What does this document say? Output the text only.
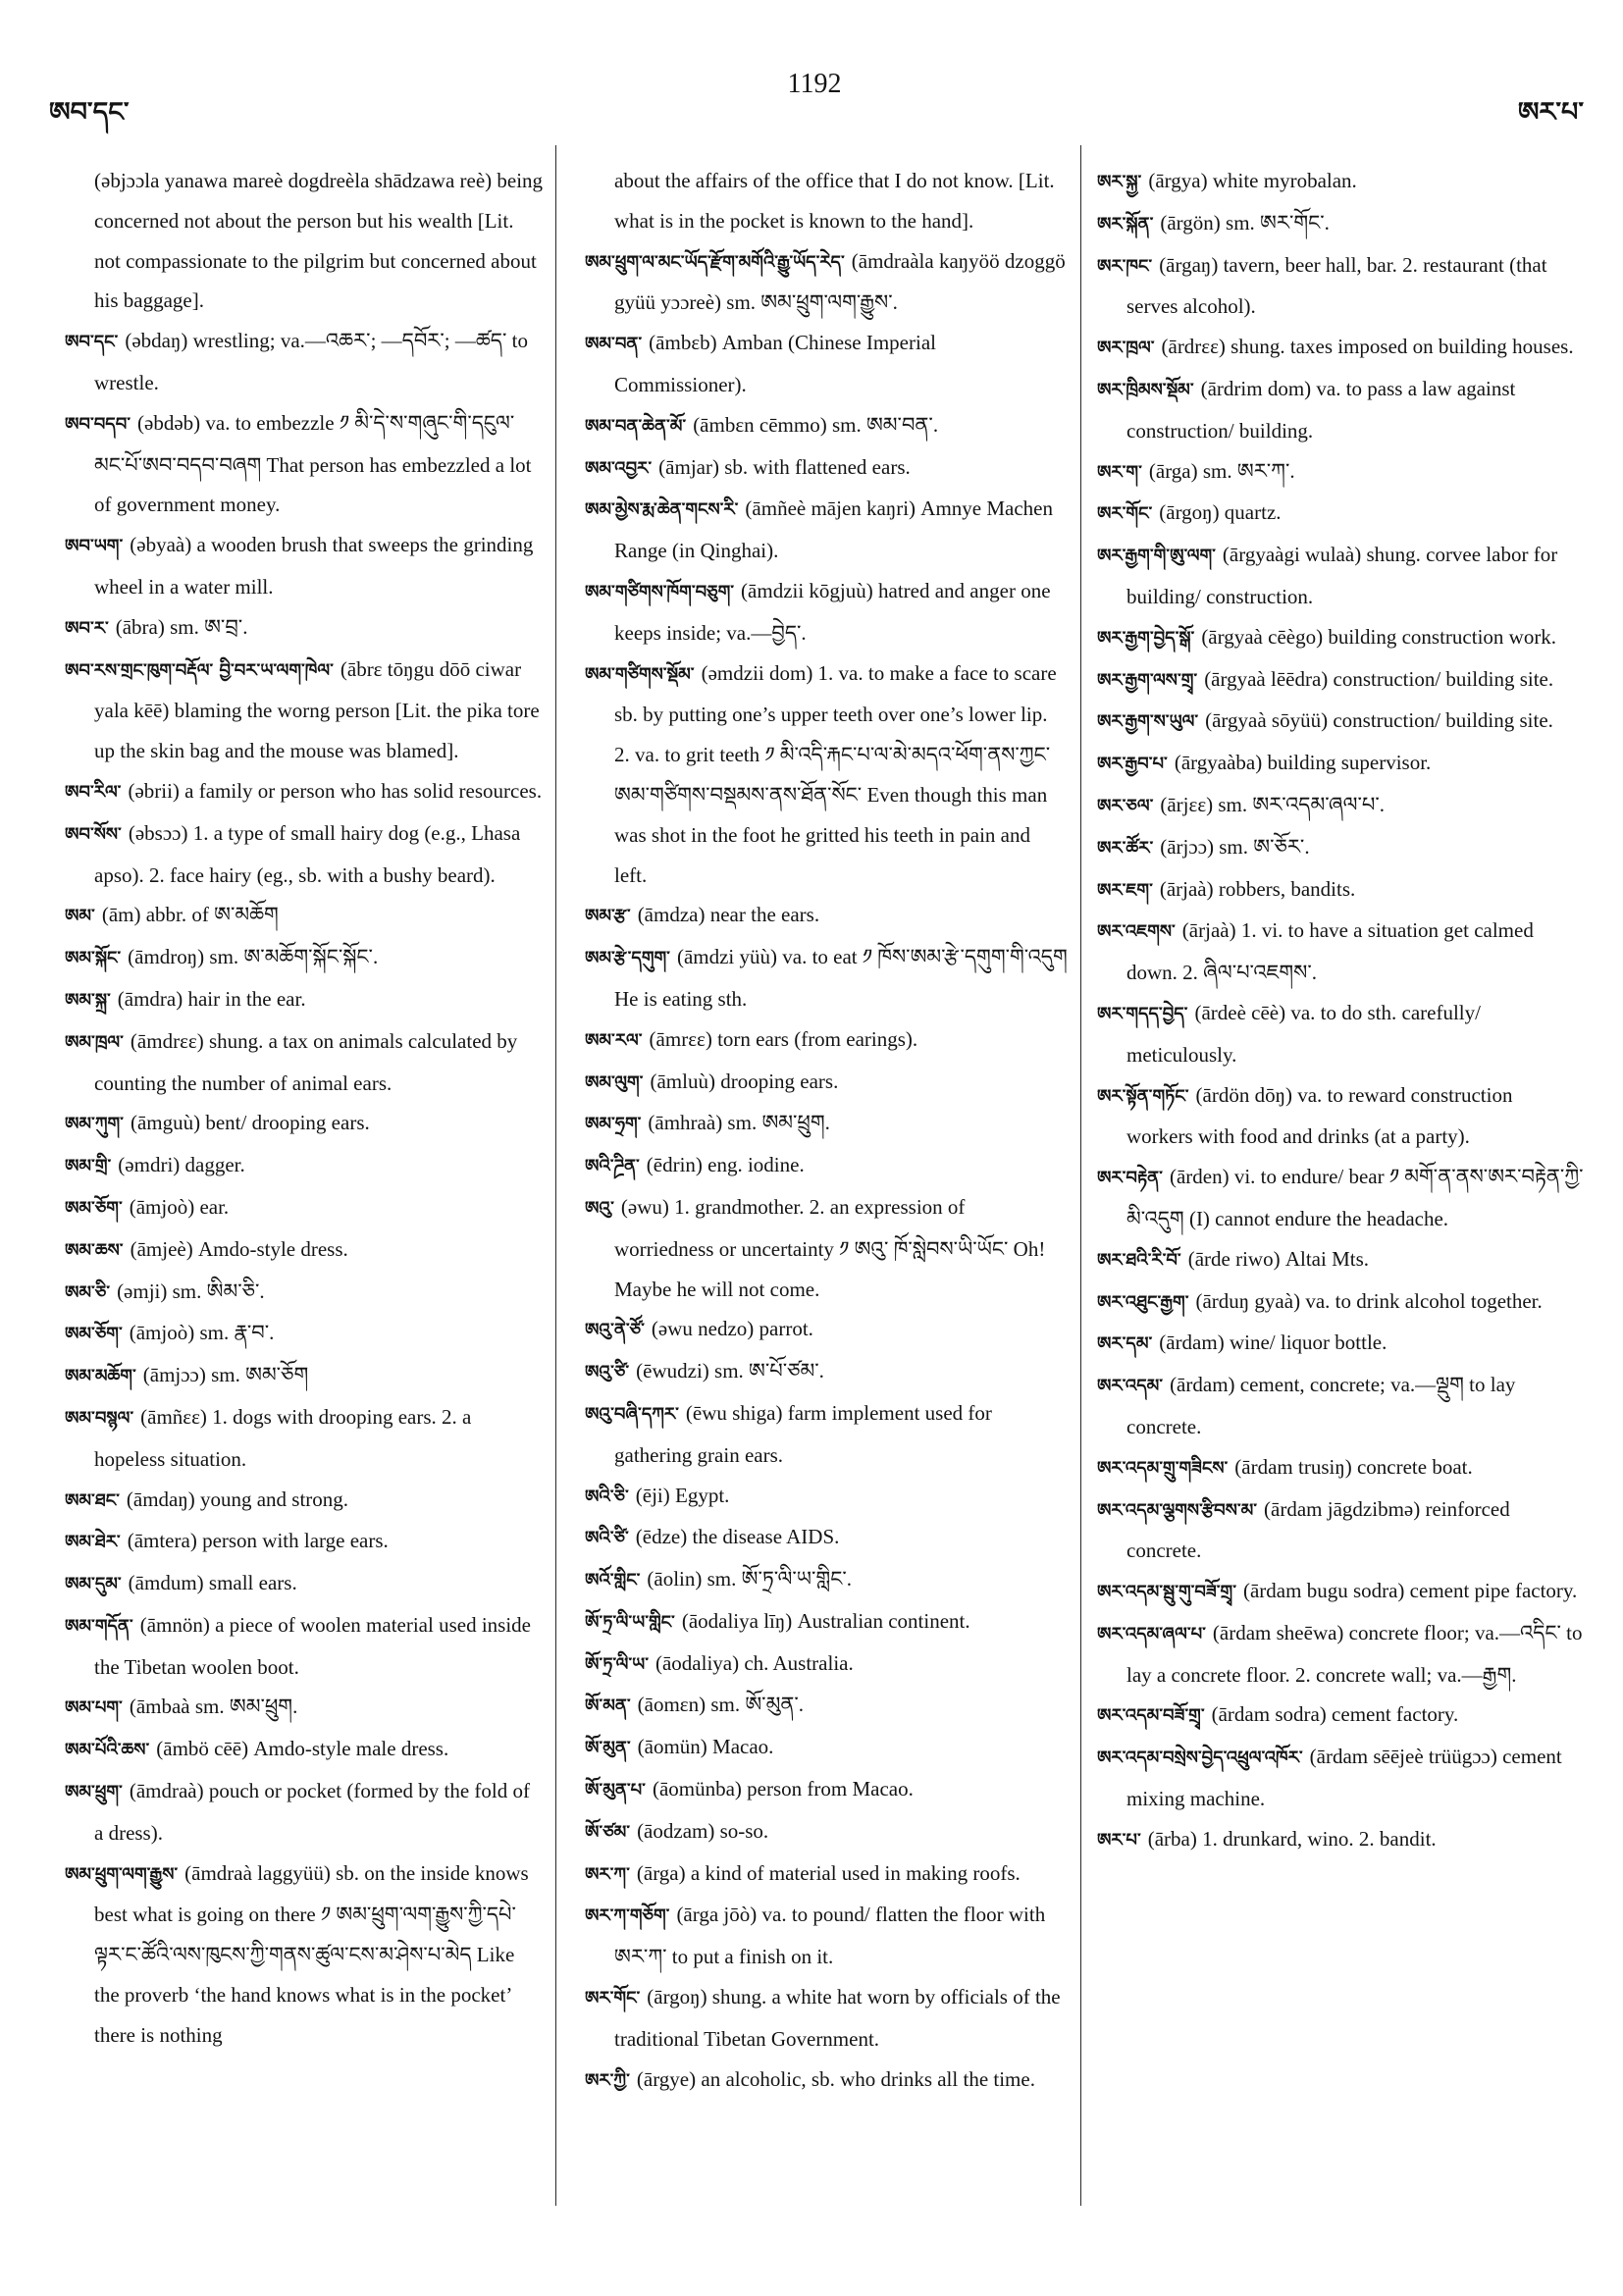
ཨབ་དང་
1192
ཨར་པ་

(əbjɔɔla yanawa mareè dogdreèla shādzawa reè) being concerned not about the person but his wealth [Lit. not compassionate to the pilgrim but concerned about his baggage].

ཨབ་དང་ (əbdaŋ) wrestling; va.—འཆར་; —དབོར་; —ཚད་ to wrestle.

ཨབ་བདབ་ (əbdəb) va. to embezzle ༡ མི་དེ་ས་གཞུང་གི་དངུལ་མང་པོ་ཨབ་བདབ་བཞག That person has embezzled a lot of government money.

ཨབ་ཡག་ (əbyaà) a wooden brush that sweeps the grinding wheel in a water mill.

ཨབ་ར་ (ābra) sm. ཨ་བྲ་.

ཨབ་རས་གྲང་ཁུག་བརྡོལ་ བྱི་བར་ཡ་ལག་ཁེལ་ (ābrɛ tōŋgu dōō ciwar yala kēē) blaming the worng person [Lit. the pika tore up the skin bag and the mouse was blamed].

ཨབ་རིལ་ (əbrii) a family or person who has solid resources.

ཨབ་སོས་ (əbsɔɔ) 1. a type of small hairy dog (e.g., Lhasa apso). 2. face hairy (eg., sb. with a bushy beard).

ཨམ་ (ām) abbr. of ཨ་མཆོག

ཨམ་སྐོང་ (āmdroŋ) sm. ཨ་མཆོག་སྐོང་སྐོང་.

ཨམ་སྐྲ་ (āmdra) hair in the ear.

ཨམ་ཁྲལ་ (āmdrɛɛ) shung. a tax on animals calculated by counting the number of animal ears.

ཨམ་ཀུག་ (āmguù) bent/ drooping ears.

ཨམ་གྲི་ (əmdri) dagger.

ཨམ་ཅོག་ (āmjoò) ear.

ཨམ་ཆས་ (āmjeè) Amdo-style dress.

ཨམ་ཅི་ (əmji) sm. ཨིམ་ཅི་.

ཨམ་ཅོག་ (āmjoò) sm. རྣ་བ་.

ཨམ་མཆོག་ (āmjɔɔ) sm. ཨམ་ཅོག

ཨམ་བསྙལ་ (āmñɛɛ) 1. dogs with drooping ears. 2. a hopeless situation.

ཨམ་ཐང་ (āmdaŋ) young and strong.

ཨམ་ཐེར་ (āmtera) person with large ears.

ཨམ་དུམ་ (āmdum) small ears.

ཨམ་གདོན་ (āmnön) a piece of woolen material used inside the Tibetan woolen boot.

ཨམ་པག་ (āmbaà sm. ཨམ་ཕྲུག.

ཨམ་པོའི་ཆས་ (āmbö cēē) Amdo-style male dress.

ཨམ་ཕྲུག་ (āmdraà) pouch or pocket (formed by the fold of a dress).

ཨམ་ཕྲུག་ལག་རྒྱུས་ (āmdraà laggyüü) sb. on the inside knows best what is going on there ༡ ཨམ་ཕྲུག་ལག་རྒྱུས་ཀྱི་དཔེ་ལྟར་ང་ཚོའི་ལས་ཁུངས་ཀྱི་གནས་ཚུལ་ངས་མ་ཤེས་པ་མེད Like the proverb ‘the hand knows what is in the pocket’ there is nothing

about the affairs of the office that I do not know. [Lit. what is in the pocket is known to the hand].

ཨམ་ཕྲུག་ལ་མང་ཡོད་རྫོག་མགོའི་རྒྱུ་ཡོད་རེད་ (āmdraàla kaŋyöö dzoggö gyüü yɔɔreè) sm. ཨམ་ཕྲུག་ལག་རྒྱུས་.

ཨམ་བན་ (āmbɛb) Amban (Chinese Imperial Commissioner).

ཨམ་བན་ཆེན་མོ་ (āmbɛn cēmmo) sm. ཨམ་བན་.

ཨམ་འབྱར་ (āmjar) sb. with flattened ears.

ཨམ་མྱེས་རྨ་ཆེན་གངས་རི་ (āmñeè mājen kaŋri) Amnye Machen Range (in Qinghai).

ཨམ་གཙིགས་ཁོག་བཅུག་ (āmdzii kōgjuù) hatred and anger one keeps inside; va.—བྱེད་.

ཨམ་གཙིགས་སྡོམ་ (əmdzii dom) 1. va. to make a face to scare sb. by putting one’s upper teeth over one’s lower lip. 2. va. to grit teeth ༡ མི་འདི་རྐང་པ་ལ་མེ་མདའ་ཕོག་ནས་ཀྱང་ཨམ་གཙིགས་བསྡམས་ནས་ཐོན་སོང་ Even though this man was shot in the foot he gritted his teeth in pain and left.

ཨམ་རྩ་ (āmdza) near the ears.

ཨམ་རྩེ་དགུག་ (āmdzi yüù) va. to eat ༡ ཁོས་ཨམ་རྩེ་དགུག་གི་འདུག He is eating sth.

ཨམ་རལ་ (āmrɛɛ) torn ears (from earings).

ཨམ་ལུག་ (āmluù) drooping ears.

ཨམ་ཧྲག་ (āmhraà) sm. ཨམ་ཕྲུག.

ཨའི་ཌྲིན་ (ēdrin) eng. iodine.

ཨའུ་ (əwu) 1. grandmother. 2. an expression of worriedness or uncertainty ༡ ཨའུ་ ཁོ་སླེབས་ཡི་ཡོང་ Oh! Maybe he will not come.

ཨའུ་ནེ་ཙོ་ (əwu nedzo) parrot.

ཨའུ་ཙི་ (ēwudzi) sm. ཨ་པོ་ཙམ་.

ཨའུ་བཞི་དཀར་ (ēwu shiga) farm implement used for gathering grain ears.

ཨའི་ཅི་ (ēji) Egypt.

ཨའི་ཙི་ (ēdze) the disease AIDS.

ཨའོ་གླིང་ (āolin) sm. ཨོ་ཏྲ་ལི་ཡ་གླིང་.

ཨོ་ཏྲ་ལི་ཡ་གླིང་ (āodaliya līŋ) Australian continent.

ཨོ་ཏྲ་ལི་ཡ་ (āodaliya) ch. Australia.

ཨོ་མན་ (āomɛn) sm. ཨོ་མུན་.

ཨོ་མུན་ (āomün) Macao.

ཨོ་མུན་པ་ (āomünba) person from Macao.

ཨོ་ཙམ་ (āodzam) so-so.

ཨར་ཀ་ (ārga) a kind of material used in making roofs.

ཨར་ཀ་གཅོག་ (ārga jōò) va. to pound/ flatten the floor with ཨར་ཀ་ to put a finish on it.

ཨར་གོང་ (ārgoŋ) shung. a white hat worn by officials of the traditional Tibetan Government.

ཨར་ཀྱི་ (ārgye) an alcoholic, sb. who drinks all the time.

ཨར་སྐྱ་ (ārgya) white myrobalan.

ཨར་སྐོན་ (ārgön) sm. ཨར་གོང་.

ཨར་ཁང་ (ārgaŋ) tavern, beer hall, bar. 2. restaurant (that serves alcohol).

ཨར་ཁྲལ་ (ārdrɛɛ) shung. taxes imposed on building houses.

ཨར་ཁྲིམས་སྡོམ་ (ārdrim dom) va. to pass a law against construction/ building.

ཨར་ག་ (ārga) sm. ཨར་ཀ་.

ཨར་གོང་ (ārgoŋ) quartz.

ཨར་རྒྱག་གི་ཨུ་ལག་ (ārgyaàgi wulaà) shung. corvee labor for building/ construction.

ཨར་རྒྱག་བྱེད་སྒོ་ (ārgyaà cēègo) building construction work.

ཨར་རྒྱག་ལས་གྲྭ་ (ārgyaà lēēdra) construction/ building site.

ཨར་རྒྱག་ས་ཡུལ་ (ārgyaà sōyüü) construction/ building site.

ཨར་རྒྱབ་པ་ (ārgyaàba) building supervisor.

ཨར་ཅལ་ (ārjɛɛ) sm. ཨར་འདམ་ཞལ་པ་.

ཨར་ཚོར་ (ārjɔɔ) sm. ཨ་ཅོར་.

ཨར་ཇག་ (ārjaà) robbers, bandits.

ཨར་འཇགས་ (ārjaà) 1. vi. to have a situation get calmed down. 2. ཞིལ་པ་འཇགས་.

ཨར་གདད་བྱེད་ (ārdeè cēè) va. to do sth. carefully/ meticulously.

ཨར་སྟོན་གཏོང་ (ārdön dōŋ) va. to reward construction workers with food and drinks (at a party).

ཨར་བརྟེན་ (ārden) vi. to endure/ bear ༡ མགོ་ན་ནས་ཨར་བརྟེན་ཀྱི་མི་འདུག (I) cannot endure the headache.

ཨར་ཐའི་རི་བོ་ (ārde riwo) Altai Mts.

ཨར་འཐུང་རྒྱག་ (ārduŋ gyaà) va. to drink alcohol together.

ཨར་དམ་ (ārdam) wine/ liquor bottle.

ཨར་འདམ་ (ārdam) cement, concrete; va.—ལྡུག to lay concrete.

ཨར་འདམ་གྲུ་གཟིངས་ (ārdam trusiŋ) concrete boat.

ཨར་འདམ་ལྕགས་རྩིབས་མ་ (ārdam jāgdzibmə) reinforced concrete.

ཨར་འདམ་སྦུ་གུ་བཟོ་གྲྭ་ (ārdam bugu sodra) cement pipe factory.

ཨར་འདམ་ཞལ་པ་ (ārdam sheēwa) concrete floor; va.—འདིང་ to lay a concrete floor. 2. concrete wall; va.—རྒྱག.

ཨར་འདམ་བཟོ་གྲྭ་ (ārdam sodra) cement factory.

ཨར་འདམ་བསྲེས་བྱེད་འཕྲུལ་འཁོར་ (ārdam sēējeè trüügɔɔ) cement mixing machine.

ཨར་པ་ (ārba) 1. drunkard, wino. 2. bandit.
